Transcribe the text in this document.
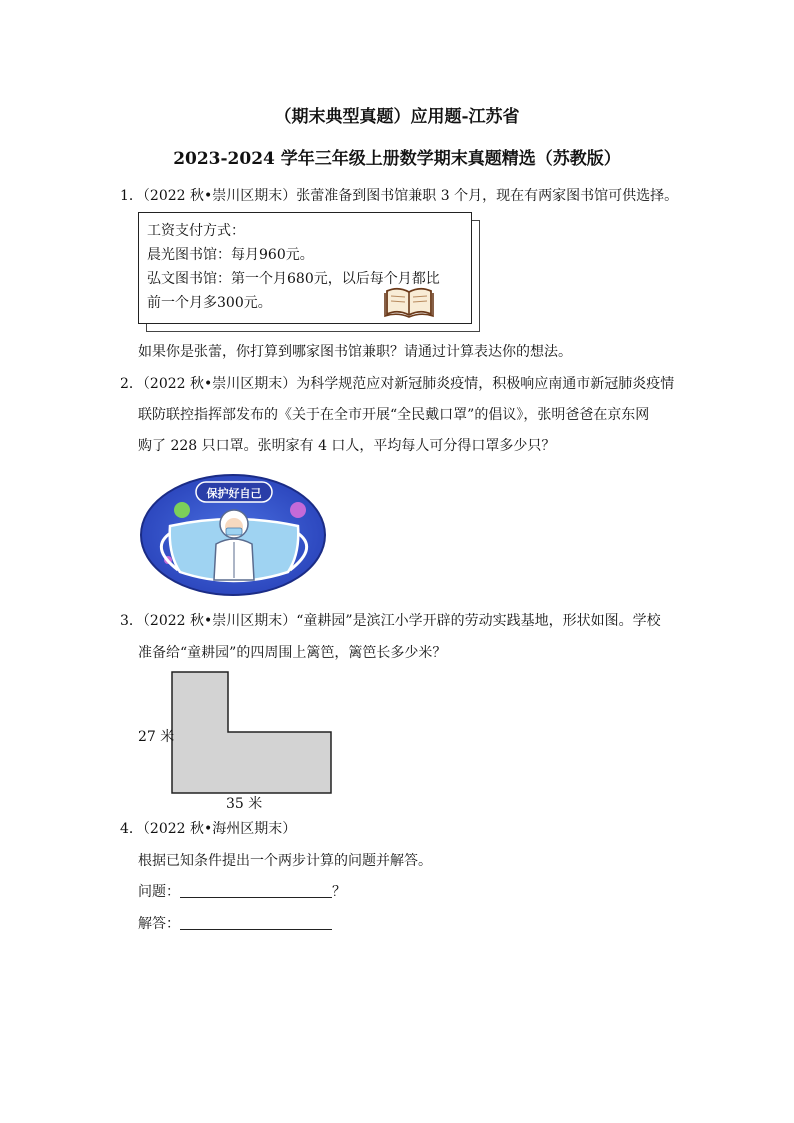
（期末典型真题）应用题-江苏省
2023-2024 学年三年级上册数学期末真题精选（苏教版）
1．（2022 秋•崇川区期末）张蕾准备到图书馆兼职 3 个月，现在有两家图书馆可供选择。
工资支付方式：
晨光图书馆：每月960元。
弘文图书馆：第一个月680元，以后每个月都比
前一个月多300元。
如果你是张蕾，你打算到哪家图书馆兼职？请通过计算表达你的想法。
2．（2022 秋•崇川区期末）为科学规范应对新冠肺炎疫情，积极响应南通市新冠肺炎疫情
联防联控指挥部发布的《关于在全市开展“全民戴口罩”的倡议》，张明爸爸在京东网
购了 228 只口罩。张明家有 4 口人，平均每人可分得口罩多少只？
保护好自己
3．（2022 秋•崇川区期末）“童耕园”是滨江小学开辟的劳动实践基地，形状如图。学校
准备给“童耕园”的四周围上篱笆，篱笆长多少米？
27 米
35 米
4．（2022 秋•海州区期末）
根据已知条件提出一个两步计算的问题并解答。
问题：	？
解答：
